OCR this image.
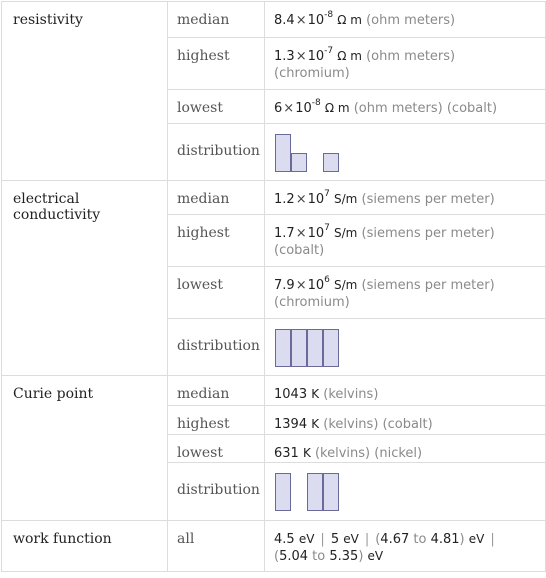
resistivity	median	$8.4\times 10^{-8}$ Ω m (ohm meters)
	highest	$1.3\times 10^{-7}$ Ω m (ohm meters)
(chromium)
	lowest	$6\times 10^{-8}$ Ω m (ohm meters) (cobalt)
	distribution	

electrical conductivity	median	$1.2\times 10^7$ S/m (siemens per meter)
	highest	$1.7\times 10^7$ S/m (siemens per meter)
(cobalt)
	lowest	$7.9\times 10^6$ S/m (siemens per meter)
(chromium)
	distribution	

Curie point	median	1043 K (kelvins)
	highest	1394 K (kelvins) (cobalt)
	lowest	631 K (kelvins) (nickel)
	distribution	

work function	all	4.5 eV | 5 eV | (4.67 to 4.81) eV |
(5.04 to 5.35) eV
